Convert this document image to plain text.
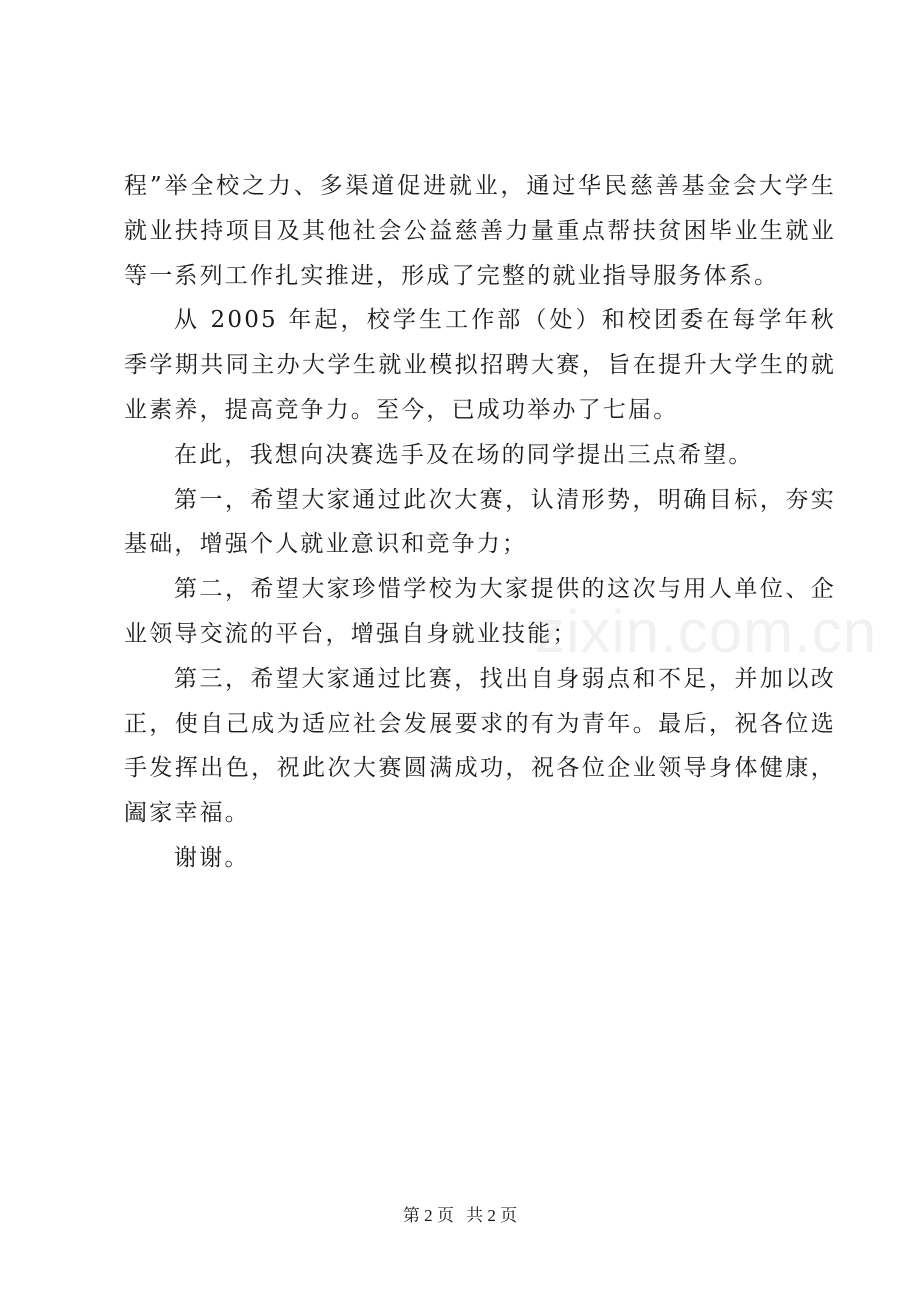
程”举全校之力、多渠道促进就业，通过华民慈善基金会大学生就业扶持项目及其他社会公益慈善力量重点帮扶贫困毕业生就业等一系列工作扎实推进，形成了完整的就业指导服务体系。

从 2005 年起，校学生工作部（处）和校团委在每学年秋季学期共同主办大学生就业模拟招聘大赛，旨在提升大学生的就业素养，提高竞争力。至今，已成功举办了七届。

在此，我想向决赛选手及在场的同学提出三点希望。

第一，希望大家通过此次大赛，认清形势，明确目标，夯实基础，增强个人就业意识和竞争力；

第二，希望大家珍惜学校为大家提供的这次与用人单位、企业领导交流的平台，增强自身就业技能；

第三，希望大家通过比赛，找出自身弱点和不足，并加以改正，使自己成为适应社会发展要求的有为青年。最后，祝各位选手发挥出色，祝此次大赛圆满成功，祝各位企业领导身体健康，阖家幸福。

谢谢。

zixin.com.cn
第 2 页 共 2 页
